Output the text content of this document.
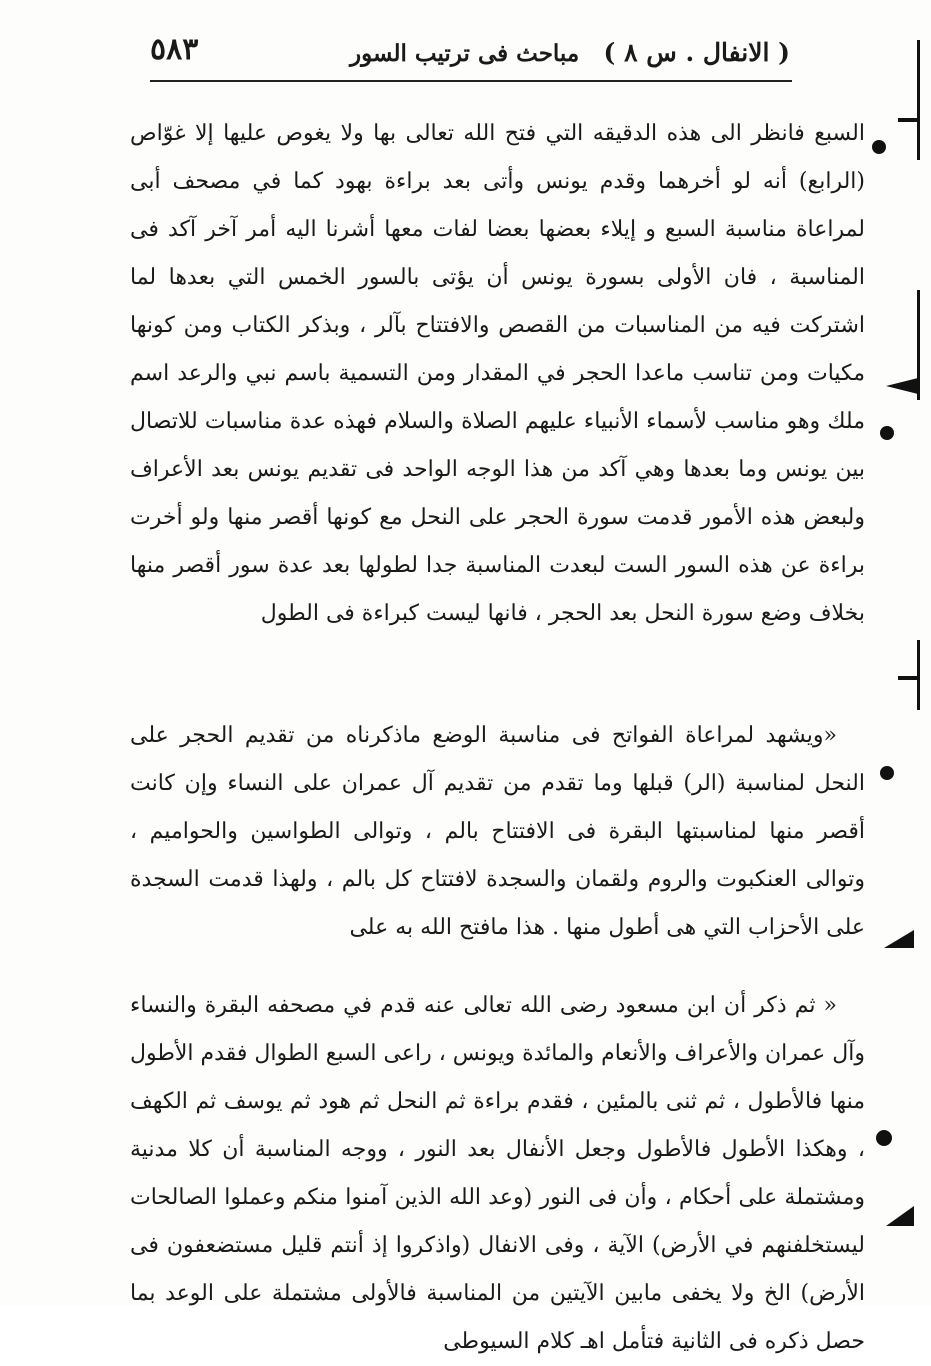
( الانفال . س ٨ )
مباحث فى ترتيب السور
٥٨٣

السبع فانظر الى هذه الدقيقه التي فتح الله تعالى بها ولا يغوص عليها إلا غوّاص (الرابع) أنه لو أخرهما وقدم يونس وأتى بعد براءة بهود كما في مصحف أبى لمراعاة مناسبة السبع و إيلاء بعضها بعضا لفات معها أشرنا اليه أمر آخر آكد فى المناسبة ، فان الأولى بسورة يونس أن يؤتى بالسور الخمس التي بعدها لما اشتركت فيه من المناسبات من القصص والافتتاح بآلر ، وبذكر الكتاب ومن كونها مكيات ومن تناسب ماعدا الحجر في المقدار ومن التسمية باسم نبي والرعد اسم ملك وهو مناسب لأسماء الأنبياء عليهم الصلاة والسلام فهذه عدة مناسبات للاتصال بين يونس وما بعدها وهي آكد من هذا الوجه الواحد فى تقديم يونس بعد الأعراف ولبعض هذه الأمور قدمت سورة الحجر على النحل مع كونها أقصر منها ولو أخرت براءة عن هذه السور الست لبعدت المناسبة جدا لطولها بعد عدة سور أقصر منها بخلاف وضع سورة النحل بعد الحجر ، فانها ليست كبراءة فى الطول

«ويشهد لمراعاة الفواتح فى مناسبة الوضع ماذكرناه من تقديم الحجر على النحل لمناسبة (الر) قبلها وما تقدم من تقديم آل عمران على النساء وإن كانت أقصر منها لمناسبتها البقرة فى الافتتاح بالم ، وتوالى الطواسين والحواميم ، وتوالى العنكبوت والروم ولقمان والسجدة لافتتاح كل بالم ، ولهذا قدمت السجدة على الأحزاب التي هى أطول منها . هذا مافتح الله به على

« ثم ذكر أن ابن مسعود رضى الله تعالى عنه قدم في مصحفه البقرة والنساء وآل عمران والأعراف والأنعام والمائدة ويونس ، راعى السبع الطوال فقدم الأطول منها فالأطول ، ثم ثنى بالمئين ، فقدم براءة ثم النحل ثم هود ثم يوسف ثم الكهف ، وهكذا الأطول فالأطول وجعل الأنفال بعد النور ، ووجه المناسبة أن كلا مدنية ومشتملة على أحكام ، وأن فى النور (وعد الله الذين آمنوا منكم وعملوا الصالحات ليستخلفنهم في الأرض) الآية ، وفى الانفال (واذكروا إذ أنتم قليل مستضعفون فى الأرض) الخ ولا يخفى مابين الآيتين من المناسبة فالأولى مشتملة على الوعد بما حصل ذكره فى الثانية فتأمل اهـ كلام السيوطى
